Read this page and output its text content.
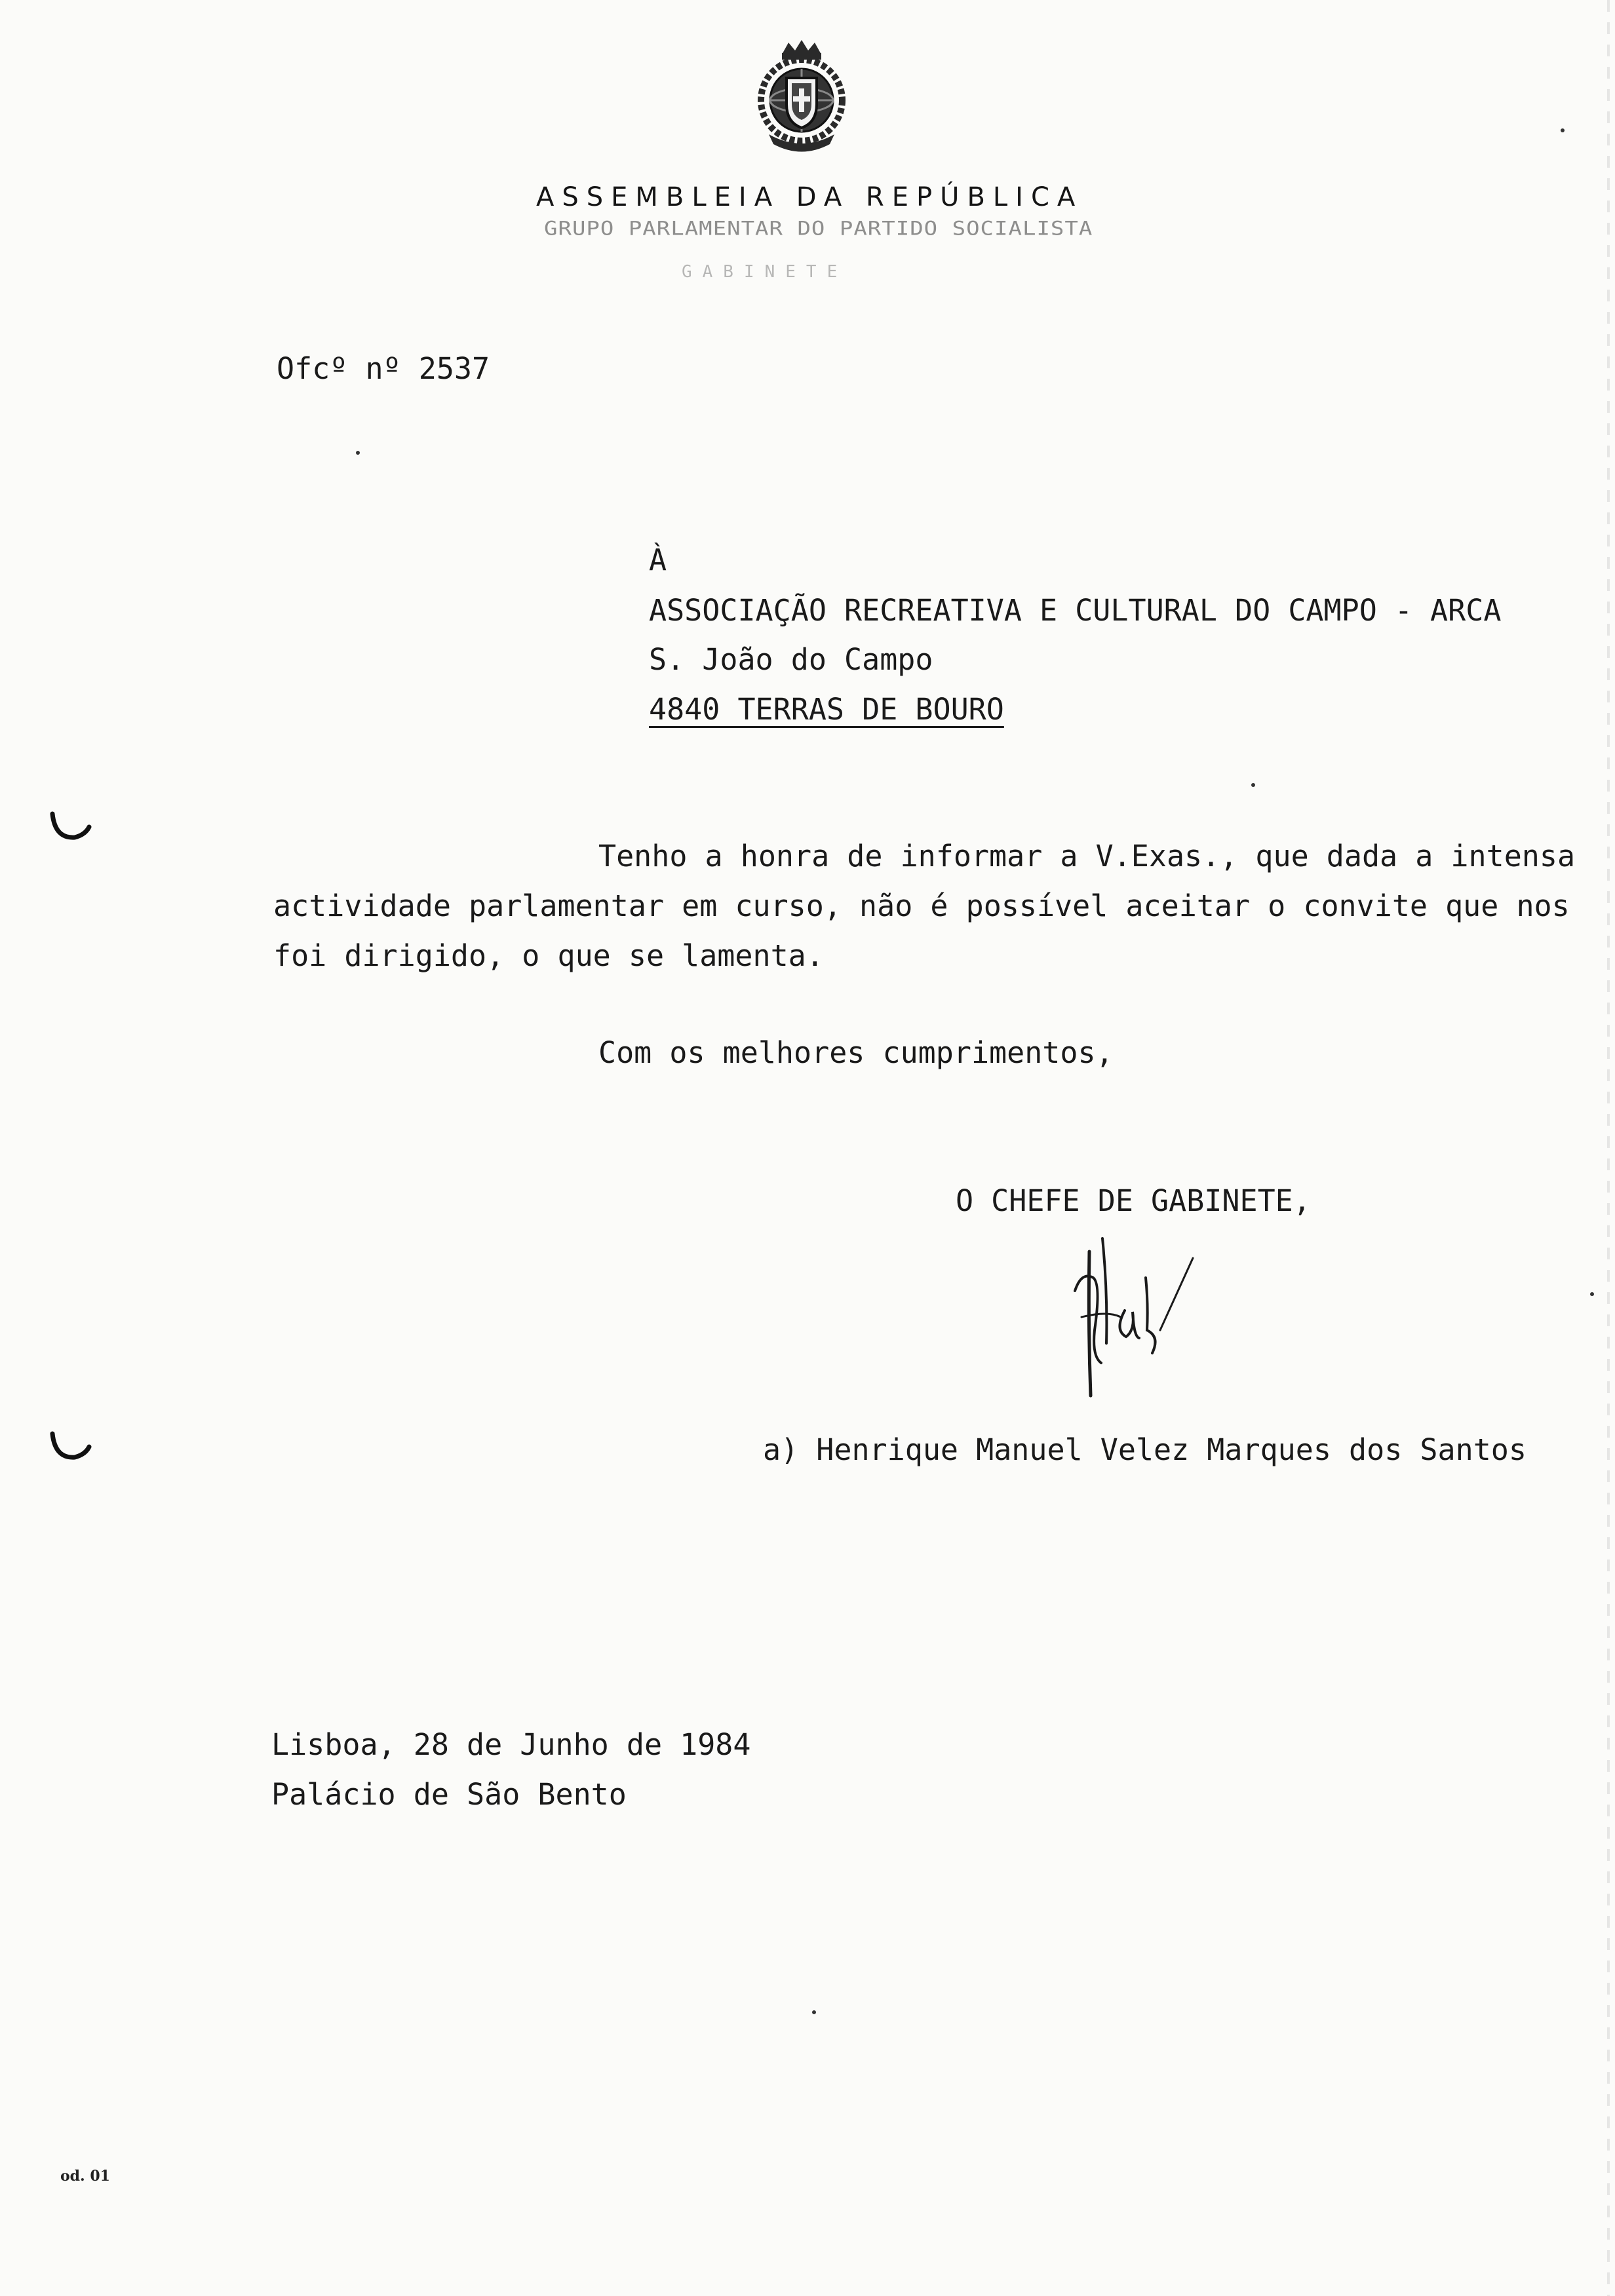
ASSEMBLEIA DA REPÚBLICA
GRUPO PARLAMENTAR DO PARTIDO SOCIALISTA
GABINETE
Ofcº nº 2537
À
ASSOCIAÇÃO RECREATIVA E CULTURAL DO CAMPO - ARCA
S. João do Campo
4840 TERRAS DE BOURO
Tenho a honra de informar a V.Exas., que dada a intensa
actividade parlamentar em curso, não é possível aceitar o convite que nos
foi dirigido, o que se lamenta.
Com os melhores cumprimentos,
O CHEFE DE GABINETE,
a) Henrique Manuel Velez Marques dos Santos
Lisboa, 28 de Junho de 1984
Palácio de São Bento
od. 01
